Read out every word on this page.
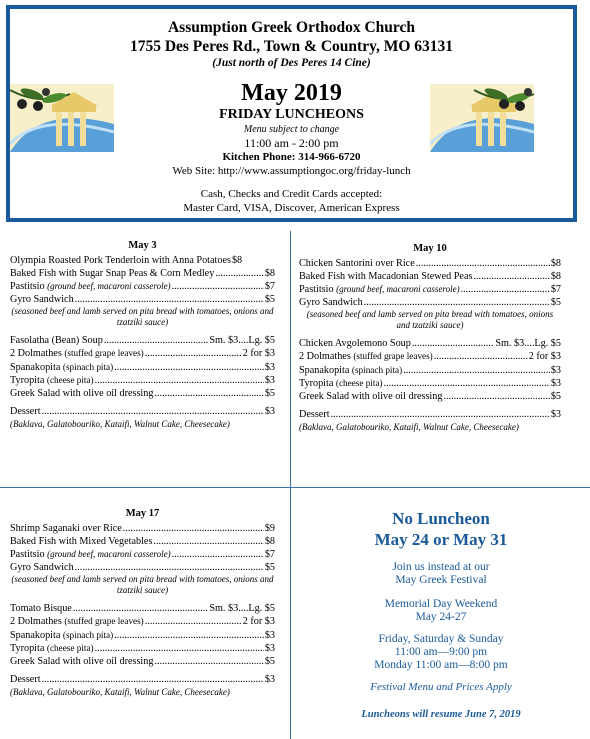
Assumption Greek Orthodox Church
1755 Des Peres Rd., Town & Country, MO 63131
(Just north of Des Peres 14 Cine)
May 2019
FRIDAY LUNCHEONS
Menu subject to change
11:00 am - 2:00 pm
Kitchen Phone: 314-966-6720
Web Site: http://www.assumptiongoc.org/friday-lunch
Cash, Checks and Credit Cards accepted:
Master Card, VISA, Discover, American Express
May 3
Olympia Roasted Pork Tenderloin with Anna Potatoes $8
Baked Fish with Sugar Snap Peas & Corn Medley .....	$8
Pastitsio (ground beef, macaroni casserole) .....	$7
Gyro Sandwich .....	$5
(seasoned beef and lamb served on pita bread with tomatoes, onions and tzatziki sauce)
Fasolatha (Bean) Soup .....	Sm. $3....Lg. $5
2 Dolmathes (stuffed grape leaves) .....	2 for $3
Spanakopita (spinach pita) .....	$3
Tyropita (cheese pita) .....	$3
Greek Salad with olive oil dressing .....	$5
Dessert .....	$3
(Baklava, Galatobouriko, Kataifi, Walnut Cake, Cheesecake)
May 10
Chicken Santorini over Rice .....	$8
Baked Fish with Macadonian Stewed Peas .....	$8
Pastitsio (ground beef, macaroni casserole) .....	$7
Gyro Sandwich .....	$5
(seasoned beef and lamb served on pita bread with tomatoes, onions and tzatziki sauce)
Chicken Avgolemono Soup .....	Sm. $3....Lg. $5
2 Dolmathes (stuffed grape leaves) .....	2 for $3
Spanakopita (spinach pita) .....	$3
Tyropita (cheese pita) .....	$3
Greek Salad with olive oil dressing .....	$5
Dessert .....	$3
(Baklava, Galatobouriko, Kataifi, Walnut Cake, Cheesecake)
May 17
Shrimp Saganaki over Rice .....	$9
Baked Fish with Mixed Vegetables .....	$8
Pastitsio (ground beef, macaroni casserole) .....	$7
Gyro Sandwich .....	$5
(seasoned beef and lamb served on pita bread with tomatoes, onions and tzatziki sauce)
Tomato Bisque .....	Sm. $3....Lg. $5
2 Dolmathes (stuffed grape leaves) .....	2 for $3
Spanakopita (spinach pita) .....	$3
Tyropita (cheese pita) .....	$3
Greek Salad with olive oil dressing .....	$5
Dessert .....	$3
(Baklava, Galatobouriko, Kataifi, Walnut Cake, Cheesecake)
No Luncheon
May 24 or May 31
Join us instead at our
May Greek Festival
Memorial Day Weekend
May 24-27
Friday, Saturday & Sunday
11:00 am—9:00 pm
Monday 11:00 am—8:00 pm
Festival Menu and Prices Apply
Luncheons will resume June 7, 2019
